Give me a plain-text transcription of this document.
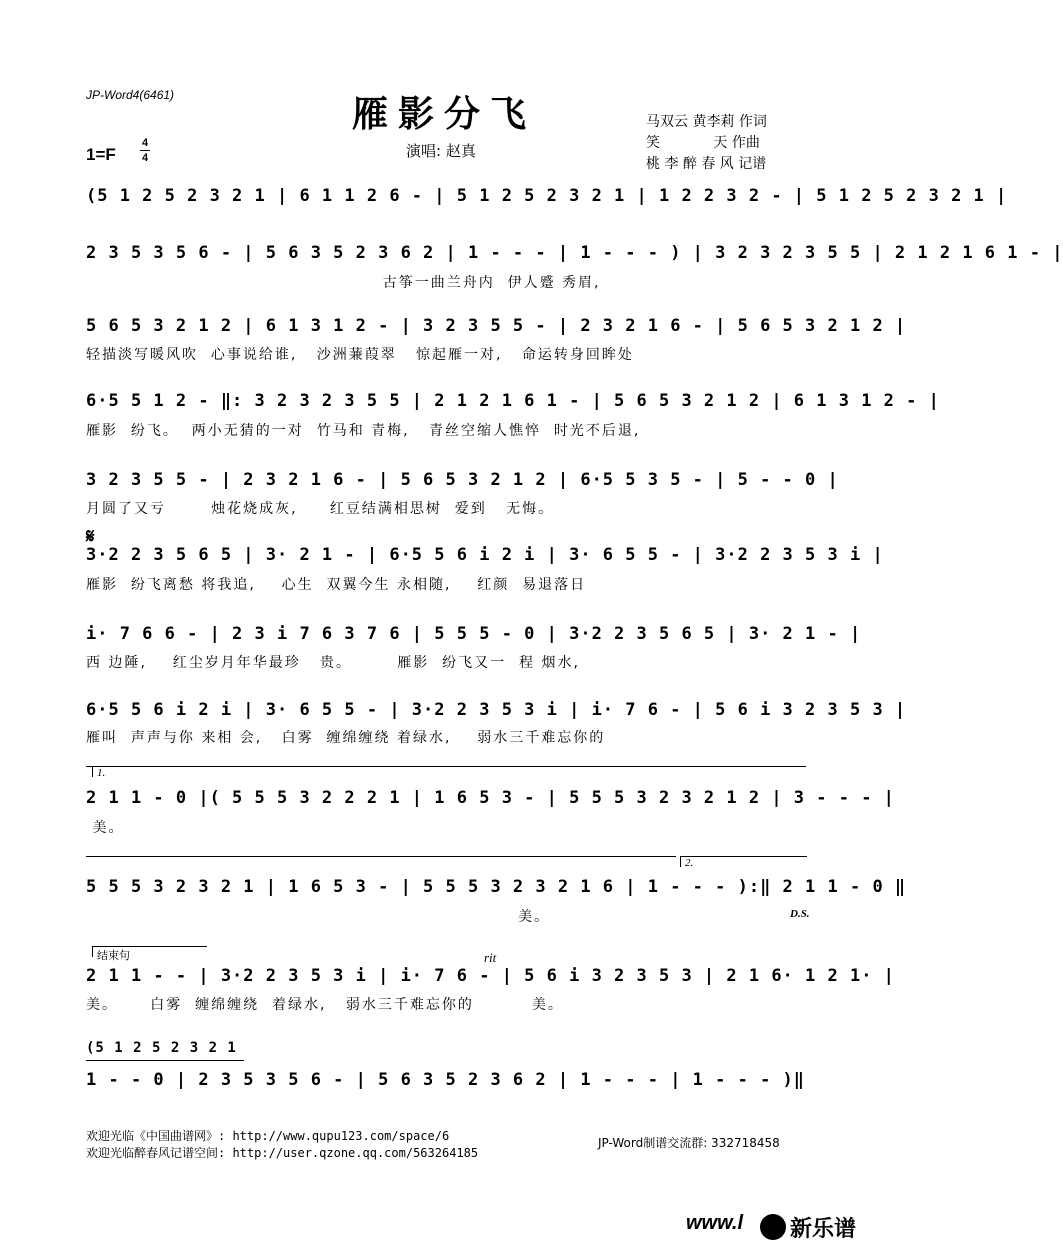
JP-Word4(6461)	雁影分飞	马双云 黄李莉 作词
笑            天 作曲
桃 李 醉 春 风 记谱
1=F
4
4	演唱: 赵真
(5 1 2 5 2 3 2 1 | 6 1 1 2 6 - | 5 1 2 5 2 3 2 1 | 1 2 2 3 2 - | 5 1 2 5 2 3 2 1 |
2 3 5 3 5 6 - | 5 6 3 5 2 3 6 2 | 1 - - - | 1 - - - ) | 3 2 3 2 3 5 5 | 2 1 2 1 6 1 - |
古筝一曲兰舟内  伊人蹙 秀眉,
5 6 5 3 2 1 2 | 6 1 3 1 2 - | 3 2 3 5 5 - | 2 3 2 1 6 - | 5 6 5 3 2 1 2 |
轻描淡写暖风吹  心事说给谁,   沙洲蒹葭翠   惊起雁一对,   命运转身回眸处
6·5 5 1 2 - ‖: 3 2 3 2 3 5 5 | 2 1 2 1 6 1 - | 5 6 5 3 2 1 2 | 6 1 3 1 2 - |
雁影  纷飞。  两小无猜的一对  竹马和 青梅,   青丝空缩人憔悴  时光不后退,
3 2 3 5 5 - | 2 3 2 1 6 - | 5 6 5 3 2 1 2 | 6·5 5 3 5 - | 5 - - 0 |
月圆了又亏       烛花烧成灰,     红豆结满相思树  爱到   无悔。
𝄋
3·2 2 3 5 6 5 | 3· 2 1 - | 6·5 5 6 i 2 i | 3· 6 5 5 - | 3·2 2 3 5 3 i |
雁影  纷飞离愁 将我追,    心生  双翼今生 永相随,    红颜  易退落日
i· 7 6 6 - | 2 3 i 7 6 3 7 6 | 5 5 5 - 0 | 3·2 2 3 5 6 5 | 3· 2 1 - |
西 边陲,    红尘岁月年华最珍   贵。       雁影  纷飞又一  程 烟水,
6·5 5 6 i 2 i | 3· 6 5 5 - | 3·2 2 3 5 3 i | i· 7 6 - | 5 6 i 3 2 3 5 3 |
雁叫  声声与你 来相 会,   白雾  缠绵缠绕 着绿水,    弱水三千难忘你的
1.
2 1 1 - 0 |( 5 5 5 3 2 2 2 1 | 1 6 5 3 - | 5 5 5 3 2 3 2 1 2 | 3 - - - |
美。
2.
5 5 5 3 2 3 2 1 | 1 6 5 3 - | 5 5 5 3 2 3 2 1 6 | 1 - - - ):‖ 2 1 1 - 0 ‖
美。	D.S.
结束句	rit
2 1 1 - - | 3·2 2 3 5 3 i | i· 7 6 - | 5 6 i 3 2 3 5 3 | 2 1 6· 1 2 1· |
美。     白雾  缠绵缠绕  着绿水,   弱水三千难忘你的         美。
(5 1 2 5 2 3 2 1
1 - - 0 | 2 3 5 3 5 6 - | 5 6 3 5 2 3 6 2 | 1 - - - | 1 - - - )‖
欢迎光临《中国曲谱网》: http://www.qupu123.com/space/6
欢迎光临醉春风记谱空间: http://user.qzone.qq.com/563264185
JP-Word制谱交流群: 332718458
www.l 新乐谱
